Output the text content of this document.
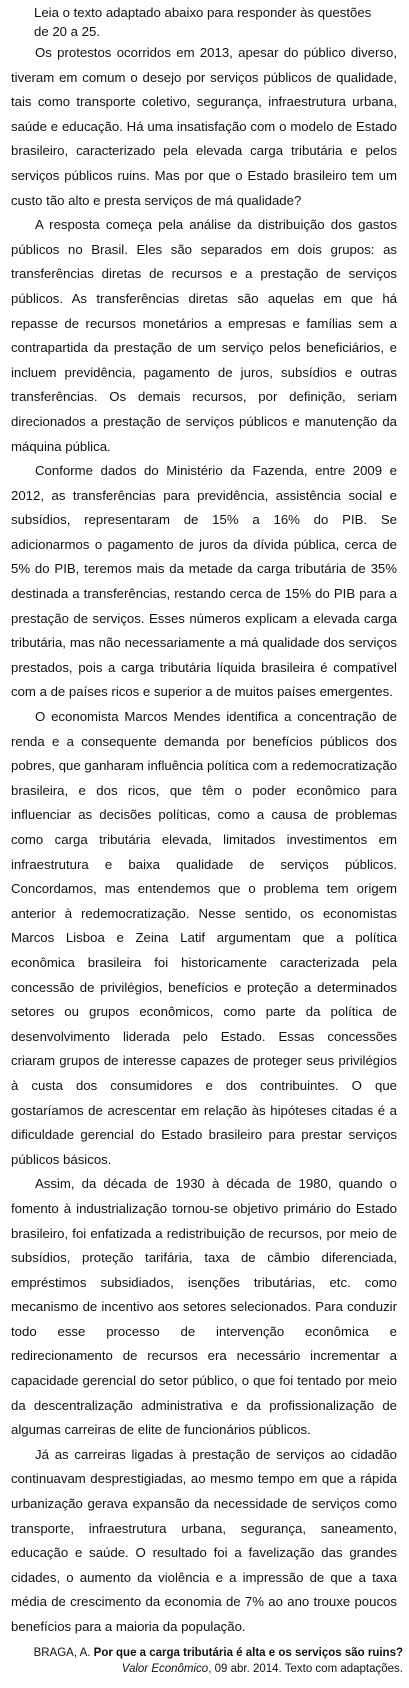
Leia o texto adaptado abaixo para responder às questões de 20 a 25.

Os protestos ocorridos em 2013, apesar do público diverso, tiveram em comum o desejo por serviços públicos de qualidade, tais como transporte coletivo, segurança, infraestrutura urbana, saúde e educação. Há uma insatisfação com o modelo de Estado brasileiro, caracterizado pela elevada carga tributária e pelos serviços públicos ruins. Mas por que o Estado brasileiro tem um custo tão alto e presta serviços de má qualidade?

A resposta começa pela análise da distribuição dos gastos públicos no Brasil. Eles são separados em dois grupos: as transferências diretas de recursos e a prestação de serviços públicos. As transferências diretas são aquelas em que há repasse de recursos monetários a empresas e famílias sem a contrapartida da prestação de um serviço pelos beneficiários, e incluem previdência, pagamento de juros, subsídios e outras transferências. Os demais recursos, por definição, seriam direcionados a prestação de serviços públicos e manutenção da máquina pública.

Conforme dados do Ministério da Fazenda, entre 2009 e 2012, as transferências para previdência, assistência social e subsídios, representaram de 15% a 16% do PIB. Se adicionarmos o pagamento de juros da dívida pública, cerca de 5% do PIB, teremos mais da metade da carga tributária de 35% destinada a transferências, restando cerca de 15% do PIB para a prestação de serviços. Esses números explicam a elevada carga tributária, mas não necessariamente a má qualidade dos serviços prestados, pois a carga tributária líquida brasileira é compatível com a de países ricos e superior a de muitos países emergentes.

O economista Marcos Mendes identifica a concentração de renda e a consequente demanda por benefícios públicos dos pobres, que ganharam influência política com a redemocratização brasileira, e dos ricos, que têm o poder econômico para influenciar as decisões políticas, como a causa de problemas como carga tributária elevada, limitados investimentos em infraestrutura e baixa qualidade de serviços públicos. Concordamos, mas entendemos que o problema tem origem anterior à redemocratização. Nesse sentido, os economistas Marcos Lisboa e Zeina Latif argumentam que a política econômica brasileira foi historicamente caracterizada pela concessão de privilégios, benefícios e proteção a determinados setores ou grupos econômicos, como parte da política de desenvolvimento liderada pelo Estado. Essas concessões criaram grupos de interesse capazes de proteger seus privilégios à custa dos consumidores e dos contribuintes. O que gostaríamos de acrescentar em relação às hipóteses citadas é a dificuldade gerencial do Estado brasileiro para prestar serviços públicos básicos.

Assim, da década de 1930 à década de 1980, quando o fomento à industrialização tornou-se objetivo primário do Estado brasileiro, foi enfatizada a redistribuição de recursos, por meio de subsídios, proteção tarifária, taxa de câmbio diferenciada, empréstimos subsidiados, isenções tributárias, etc. como mecanismo de incentivo aos setores selecionados. Para conduzir todo esse processo de intervenção econômica e redirecionamento de recursos era necessário incrementar a capacidade gerencial do setor público, o que foi tentado por meio da descentralização administrativa e da profissionalização de algumas carreiras de elite de funcionários públicos.

Já as carreiras ligadas à prestação de serviços ao cidadão continuavam desprestigiadas, ao mesmo tempo em que a rápida urbanização gerava expansão da necessidade de serviços como transporte, infraestrutura urbana, segurança, saneamento, educação e saúde. O resultado foi a favelização das grandes cidades, o aumento da violência e a impressão de que a taxa média de crescimento da economia de 7% ao ano trouxe poucos benefícios para a maioria da população.

BRAGA, A. Por que a carga tributária é alta e os serviços são ruins?
Valor Econômico, 09 abr. 2014. Texto com adaptações.
